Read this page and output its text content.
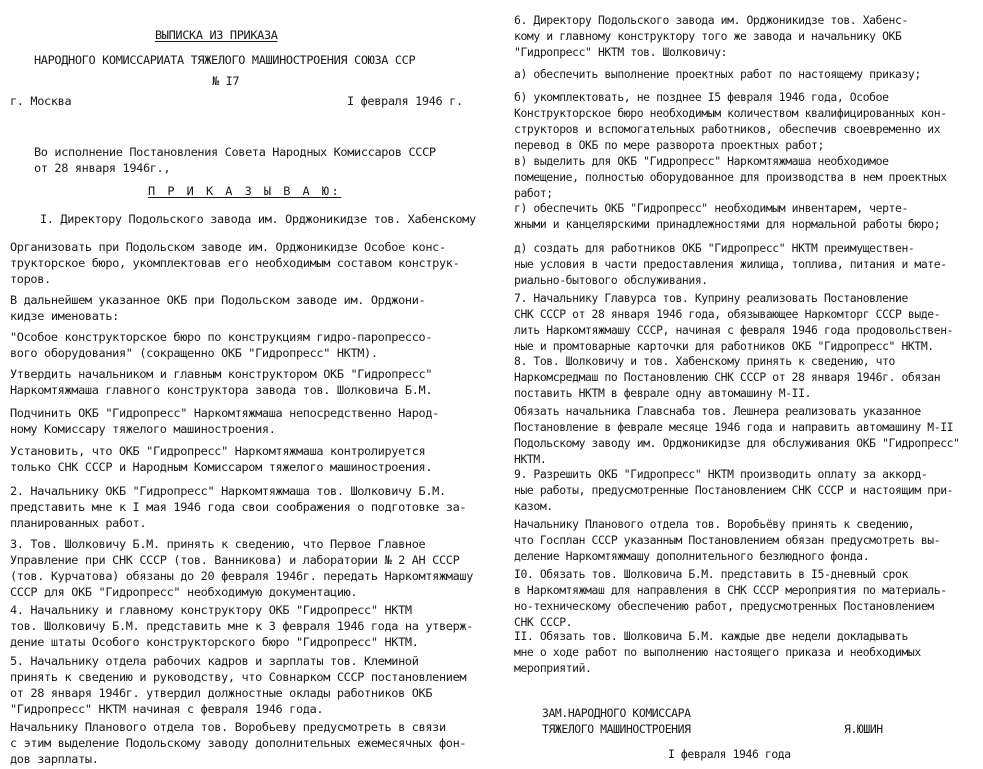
ВЫПИСКА ИЗ ПРИКАЗА

НАРОДНОГО КОМИССАРИАТА ТЯЖЕЛОГО МАШИНОСТРОЕНИЯ СОЮЗА ССР

№ I7

г. Москва	I февраля 1946 г.

Во исполнение Постановления Совета Народных Комиссаров СССР
от 28 января 1946г.,

П Р И К А З Ы В А Ю:

I. Директору Подольского завода им. Орджоникидзе тов. Хабенскому

Организовать при Подольском заводе им. Орджоникидзе Особое конс-
трукторское бюро, укомплектовав его необходимым составом конструк-
торов.

В дальнейшем указанное ОКБ при Подольском заводе им. Орджони-
кидзе именовать:

"Особое конструкторское бюро по конструкциям гидро-паропрессо-
вого оборудования" (сокращенно ОКБ "Гидропресс" НКТМ).

Утвердить начальником и главным конструктором ОКБ "Гидропресс"
Наркомтяжмаша главного конструктора завода тов. Шолковича Б.М.

Подчинить ОКБ "Гидропресс" Наркомтяжмаша непосредственно Народ-
ному Комиссару тяжелого машиностроения.

Установить, что ОКБ "Гидропресс" Наркомтяжмаша контролируется
только СНК СССР и Народным Комиссаром тяжелого машиностроения.

2. Начальнику ОКБ "Гидропресс" Наркомтяжмаша тов. Шолковичу Б.М.
представить мне к I мая 1946 года свои соображения о подготовке за-
планированных работ.

3. Тов. Шолковичу Б.М. принять к сведению, что Первое Главное
Управление при СНК СССР (тов. Ванникова) и лаборатории № 2 АН СССР
(тов. Курчатова) обязаны до 20 февраля 1946г. передать Наркомтяжмашу
СССР для ОКБ "Гидропресс" необходимую документацию.

4. Начальнику и главному конструктору ОКБ "Гидропресс" НКТМ
тов. Шолковичу Б.М. представить мне к 3 февраля 1946 года на утверж-
дение штаты Особого конструкторского бюро "Гидропресс" НКТМ.

5. Начальнику отдела рабочих кадров и зарплаты тов. Клеминой
принять к сведению и руководству, что Совнарком СССР постановлением
от 28 января 1946г. утвердил должностные оклады работников ОКБ
"Гидропресс" НКТМ начиная с февраля 1946 года.

Начальнику Планового отдела тов. Воробьеву предусмотреть в связи
с этим выделение Подольскому заводу дополнительных ежемесячных фон-
дов зарплаты.

6. Директору Подольского завода им. Орджоникидзе тов. Хабенс-
кому и главному конструктору того же завода и начальнику ОКБ
"Гидропресс" НКТМ тов. Шолковичу:

а) обеспечить выполнение проектных работ по настоящему приказу;

б) укомплектовать, не позднее I5 февраля 1946 года, Особое
Конструкторское бюро необходимым количеством квалифицированных кон-
структоров и вспомогательных работников, обеспечив своевременно их
перевод в ОКБ по мере разворота проектных работ;

в) выделить для ОКБ "Гидропресс" Наркомтяжмаша необходимое
помещение, полностью оборудованное для производства в нем проектных
работ;

г) обеспечить ОКБ "Гидропресс" необходимым инвентарем, черте-
жными и канцелярскими принадлежностями для нормальной работы бюро;

д) создать для работников ОКБ "Гидропресс" НКТМ преимуществен-
ные условия в части предоставления жилища, топлива, питания и мате-
риально-бытового обслуживания.

7. Начальнику Главурса тов. Куприну реализовать Постановление
СНК СССР от 28 января 1946 года, обязывающее Наркомторг СССР выде-
лить Наркомтяжмашу СССР, начиная с февраля 1946 года продовольствен-
ные и промтоварные карточки для работников ОКБ "Гидропресс" НКТМ.

8. Тов. Шолковичу и тов. Хабенскому принять к сведению, что
Наркомсредмаш по Постановлению СНК СССР от 28 января 1946г. обязан
поставить НКТМ в феврале одну автомашину М-II.

Обязать начальника Главснаба тов. Лешнера реализовать указанное
Постановление в феврале месяце 1946 года и направить автомашину М-II
Подольскому заводу им. Орджоникидзе для обслуживания ОКБ "Гидропресс"
НКТМ.

9. Разрешить ОКБ "Гидропресс" НКТМ производить оплату за аккорд-
ные работы, предусмотренные Постановлением СНК СССР и настоящим при-
казом.

Начальнику Планового отдела тов. Воробьёву принять к сведению,
что Госплан СССР указанным Постановлением обязан предусмотреть вы-
деление Наркомтяжмашу дополнительного безлюдного фонда.

I0. Обязать тов. Шолковича Б.М. представить в I5-дневный срок
в Наркомтяжмаш для направления в СНК СССР мероприятия по материаль-
но-техническому обеспечению работ, предусмотренных Постановлением
СНК СССР.

II. Обязать тов. Шолковича Б.М. каждые две недели докладывать
мне о ходе работ по выполнению настоящего приказа и необходимых
мероприятий.

ЗАМ.НАРОДНОГО КОМИССАРА
ТЯЖЕЛОГО МАШИНОСТРОЕНИЯ	Я.ЮШИН

I февраля 1946 года
